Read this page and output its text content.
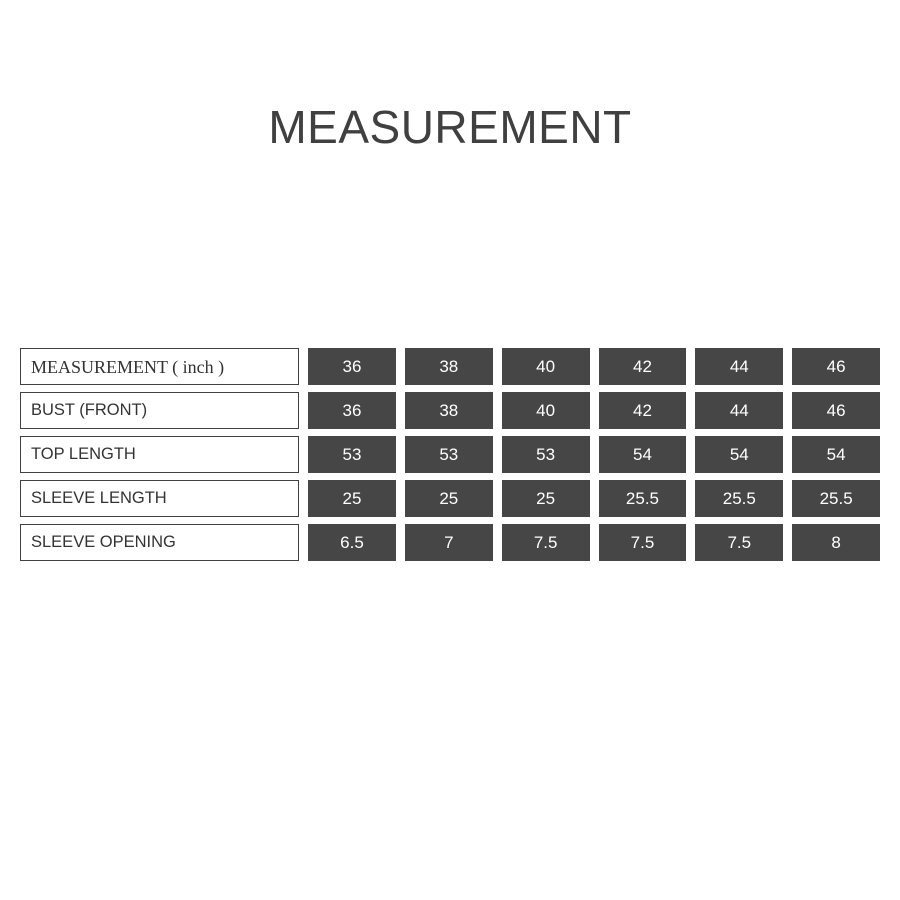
MEASUREMENT
MEASUREMENT ( inch )	36	38	40	42	44	46
BUST (FRONT)	36	38	40	42	44	46
TOP LENGTH	53	53	53	54	54	54
SLEEVE LENGTH	25	25	25	25.5	25.5	25.5
SLEEVE OPENING	6.5	7	7.5	7.5	7.5	8
